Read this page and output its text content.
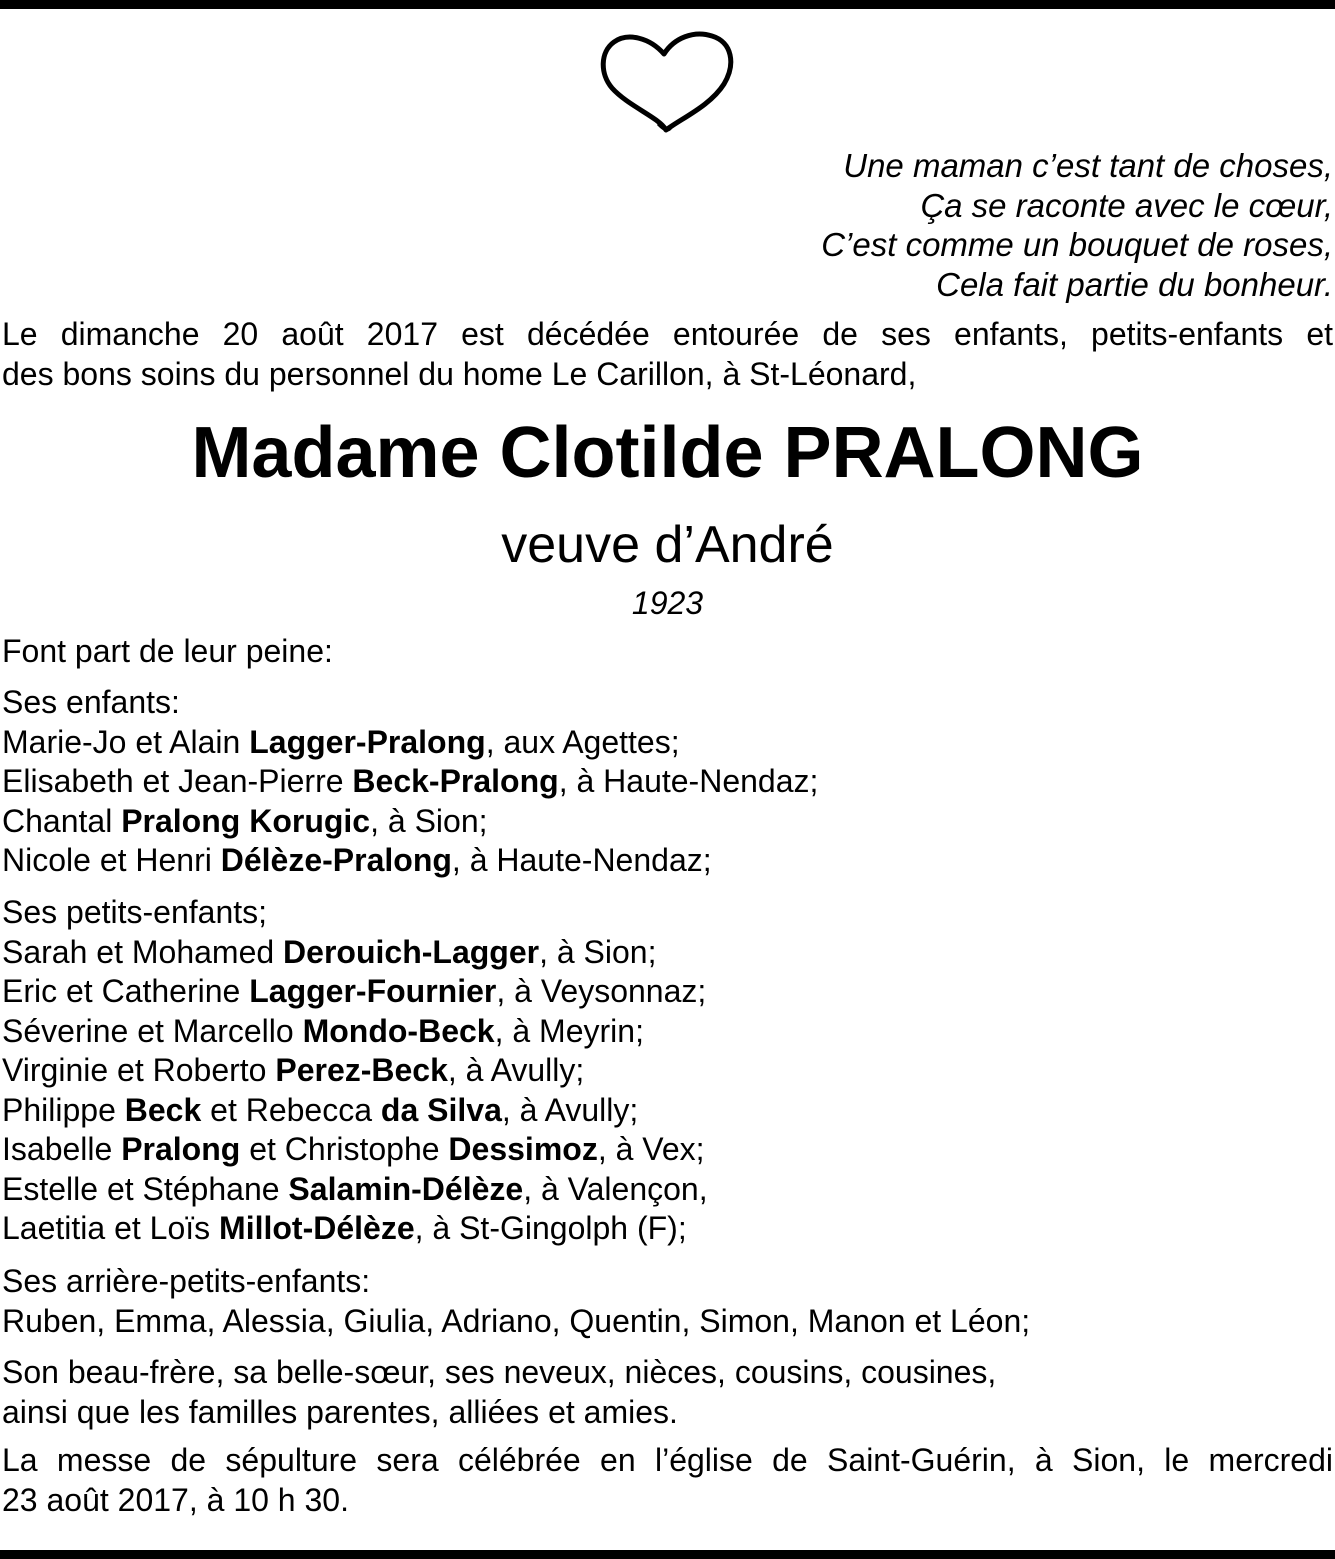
Une maman c’est tant de choses,
Ça se raconte avec le cœur,
C’est comme un bouquet de roses,
Cela fait partie du bonheur.
Le dimanche 20 août 2017 est décédée entourée de ses enfants, petits-enfants et
des bons soins du personnel du home Le Carillon, à St-Léonard,
Madame Clotilde PRALONG
veuve d’André
1923
Font part de leur peine:
Ses enfants:
Marie-Jo et Alain Lagger-Pralong, aux Agettes;
Elisabeth et Jean-Pierre Beck-Pralong, à Haute-Nendaz;
Chantal Pralong Korugic, à Sion;
Nicole et Henri Délèze-Pralong, à Haute-Nendaz;
Ses petits-enfants;
Sarah et Mohamed Derouich-Lagger, à Sion;
Eric et Catherine Lagger-Fournier, à Veysonnaz;
Séverine et Marcello Mondo-Beck, à Meyrin;
Virginie et Roberto Perez-Beck, à Avully;
Philippe Beck et Rebecca da Silva, à Avully;
Isabelle Pralong et Christophe Dessimoz, à Vex;
Estelle et Stéphane Salamin-Délèze, à Valençon,
Laetitia et Loïs Millot-Délèze, à St-Gingolph (F);
Ses arrière-petits-enfants:
Ruben, Emma, Alessia, Giulia, Adriano, Quentin, Simon, Manon et Léon;
Son beau-frère, sa belle-sœur, ses neveux, nièces, cousins, cousines,
ainsi que les familles parentes, alliées et amies.
La messe de sépulture sera célébrée en l’église de Saint-Guérin, à Sion, le mercredi
23 août 2017, à 10 h 30.
